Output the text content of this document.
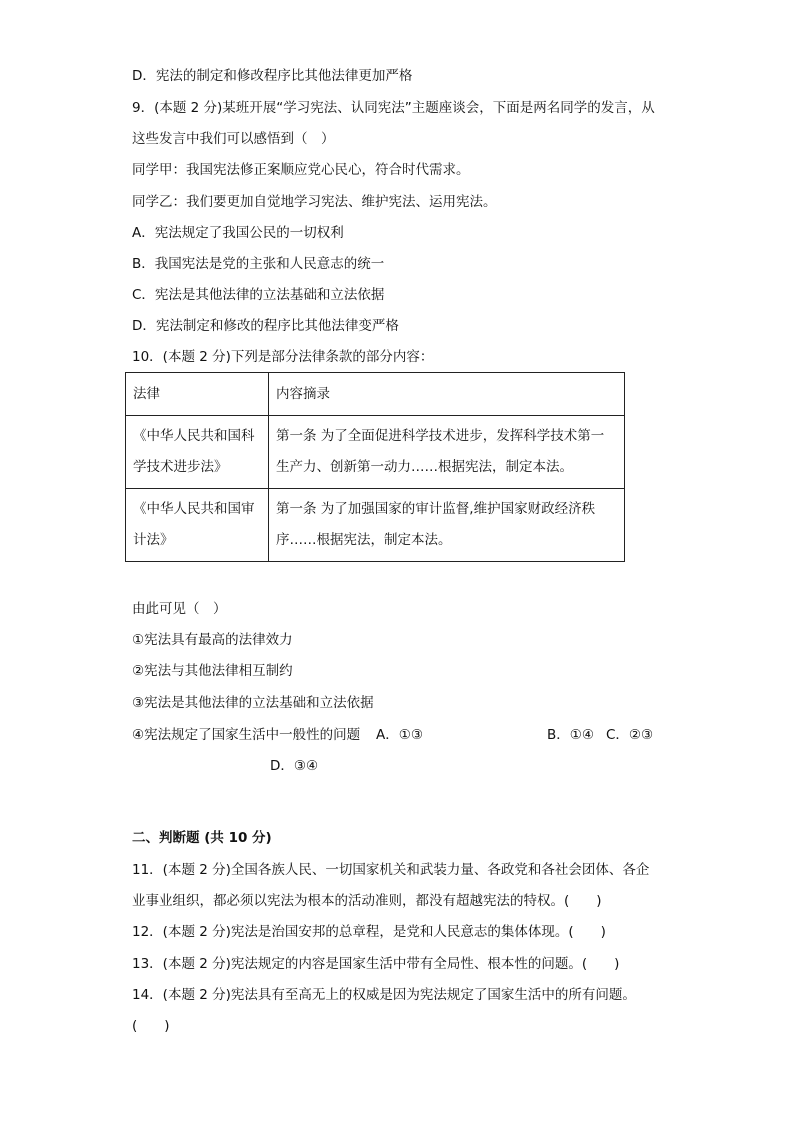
D．宪法的制定和修改程序比其他法律更加严格
9．(本题 2 分)某班开展“学习宪法、认同宪法”主题座谈会，下面是两名同学的发言，从
这些发言中我们可以感悟到（　）
同学甲：我国宪法修正案顺应党心民心，符合时代需求。
同学乙：我们要更加自觉地学习宪法、维护宪法、运用宪法。
A．宪法规定了我国公民的一切权利
B．我国宪法是党的主张和人民意志的统一
C．宪法是其他法律的立法基础和立法依据
D．宪法制定和修改的程序比其他法律变严格
10．(本题 2 分)下列是部分法律条款的部分内容：
法律	内容摘录

《中华人民共和国科
学技术进步法》	第一条 为了全面促进科学技术进步，发挥科学技术第一
生产力、创新第一动力……根据宪法，制定本法。

《中华人民共和国审
计法》	第一条 为了加强国家的审计监督,维护国家财政经济秩
序……根据宪法，制定本法。
由此可见（　）
①宪法具有最高的法律效力
②宪法与其他法律相互制约
③宪法是其他法律的立法基础和立法依据
④宪法规定了国家生活中一般性的问题 A．①③	B．①④ C．②③
D．③④
二、判断题 (共 10 分)
11．(本题 2 分)全国各族人民、一切国家机关和武装力量、各政党和各社会团体、各企
业事业组织，都必须以宪法为根本的活动准则，都没有超越宪法的特权。(　　)
12．(本题 2 分)宪法是治国安邦的总章程，是党和人民意志的集体体现。(　　)
13．(本题 2 分)宪法规定的内容是国家生活中带有全局性、根本性的问题。(　　)
14．(本题 2 分)宪法具有至高无上的权威是因为宪法规定了国家生活中的所有问题。
(　　)
